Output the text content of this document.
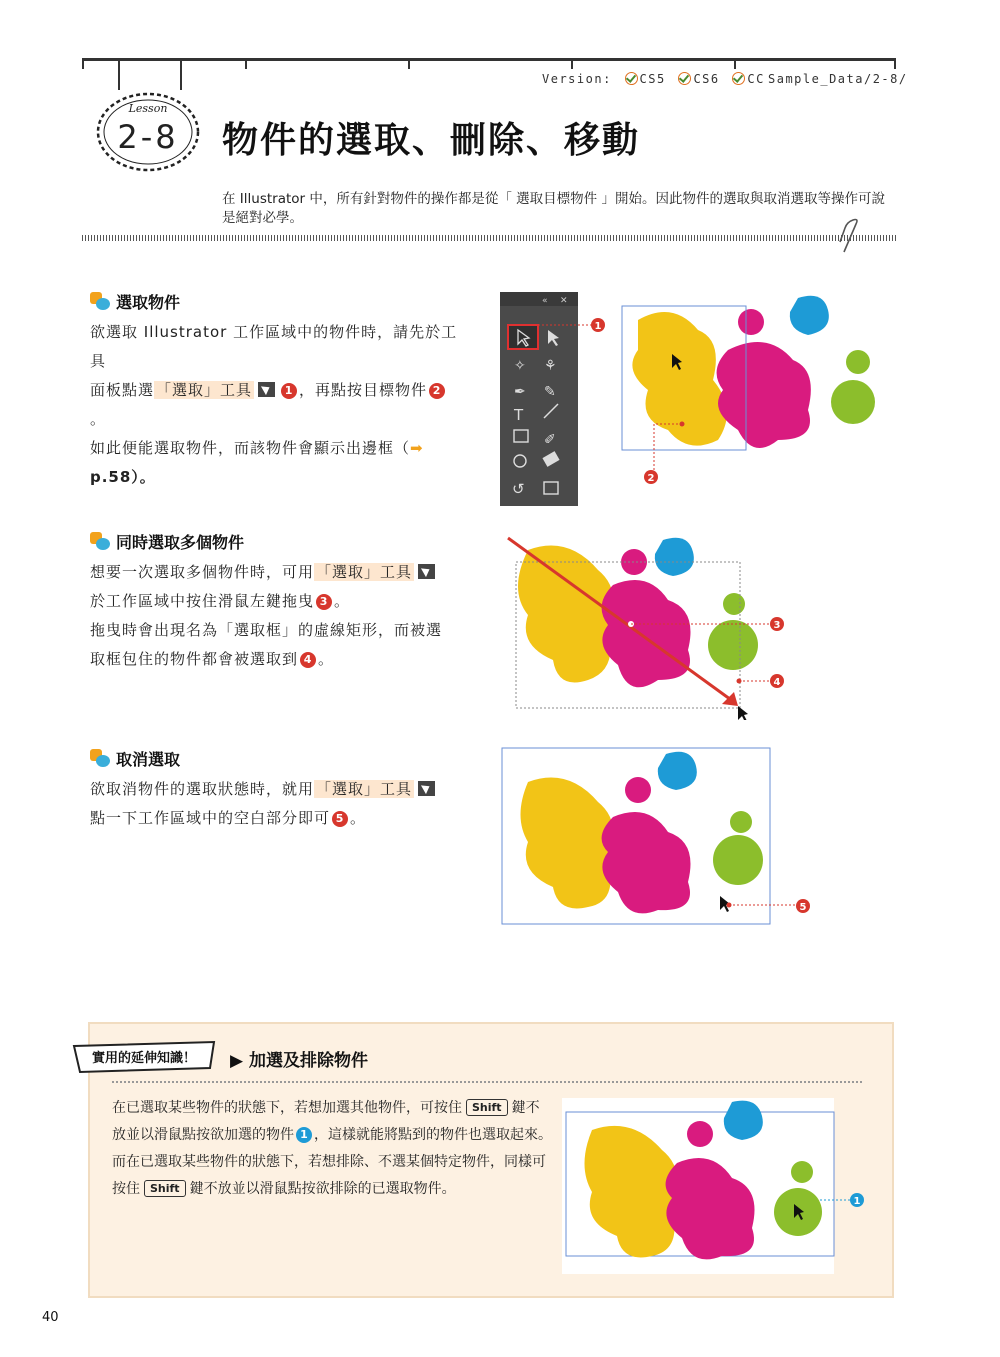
Version: CS5 CS6 CC Sample_Data/2-8/
Lesson
2-8	物件的選取、刪除、移動
在 Illustrator 中，所有針對物件的操作都是從「 選取目標物件 」開始。因此物件的選取與取消選取等操作可說是絕對必學。
選取物件
欲選取 Illustrator 工作區域中的物件時，請先於工具
面板點選 「選取」工具	1 ，再點按目標物件 2。
如此便能選取物件，而該物件會顯示出邊框（➡
p.58）。
« ✕
✧ ⚘
✒ ✎
T
✐
↺
1
2
同時選取多個物件
想要一次選取多個物件時，可用 「選取」工具
於工作區域中按住滑鼠左鍵拖曳 3 。
拖曳時會出現名為「選取框」的虛線矩形，而被選
取框包住的物件都會被選取到 4 。
3
4
取消選取
欲取消物件的選取狀態時，就用 「選取」工具
點一下工作區域中的空白部分即可 5 。
5
實用的延伸知識！ ▶ 加選及排除物件
在已選取某些物件的狀態下，若想加選其他物件，可按住 Shift 鍵不放並以滑鼠點按欲加選的物件 1 ，這樣就能將點到的物件也選取起來。
而在已選取某些物件的狀態下，若想排除、不選某個特定物件，同樣可按住 Shift 鍵不放並以滑鼠點按欲排除的已選取物件。
1
40
